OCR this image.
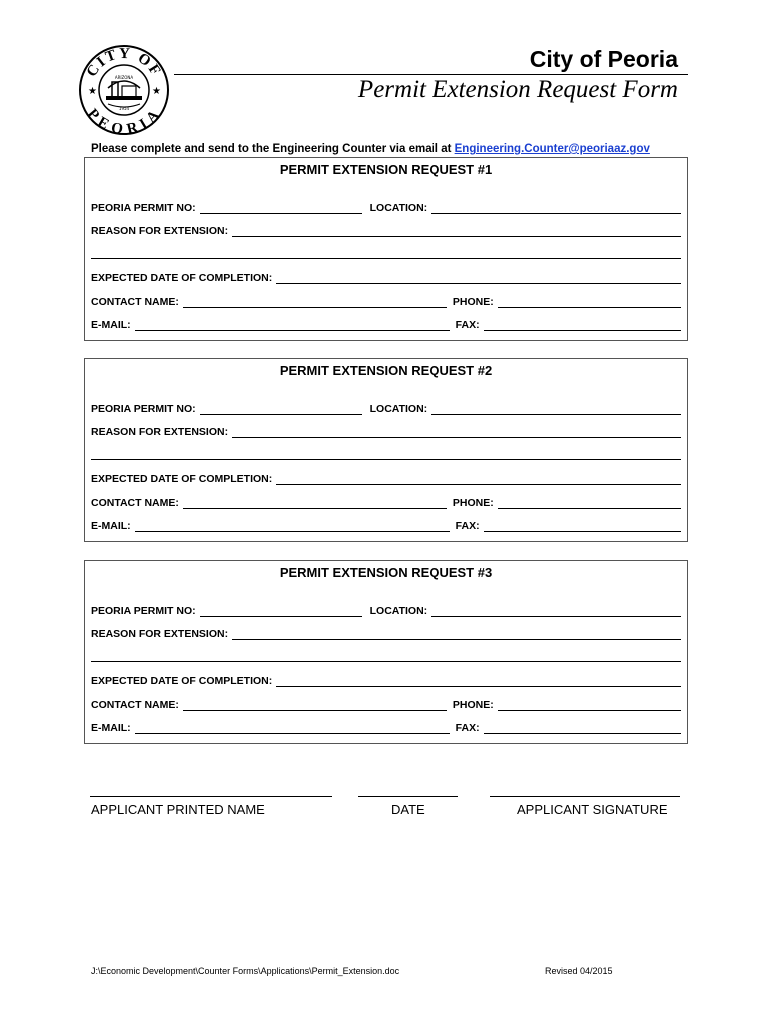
CITY OF
PEORIA
★	★
ARIZONA
1954
City of Peoria
Permit Extension Request Form
Please complete and send to the Engineering Counter via email at Engineering.Counter@peoriaaz.gov
PERMIT EXTENSION REQUEST #1
PEORIA PERMIT NO:	LOCATION:
REASON FOR EXTENSION:
EXPECTED DATE OF COMPLETION:
CONTACT NAME:	PHONE:
E-MAIL:	FAX:
PERMIT EXTENSION REQUEST #2
PEORIA PERMIT NO:	LOCATION:
REASON FOR EXTENSION:
EXPECTED DATE OF COMPLETION:
CONTACT NAME:	PHONE:
E-MAIL:	FAX:
PERMIT EXTENSION REQUEST #3
PEORIA PERMIT NO:	LOCATION:
REASON FOR EXTENSION:
EXPECTED DATE OF COMPLETION:
CONTACT NAME:	PHONE:
E-MAIL:	FAX:
APPLICANT PRINTED NAME	DATE	APPLICANT SIGNATURE
J:\Economic Development\Counter Forms\Applications\Permit_Extension.doc	Revised 04/2015
